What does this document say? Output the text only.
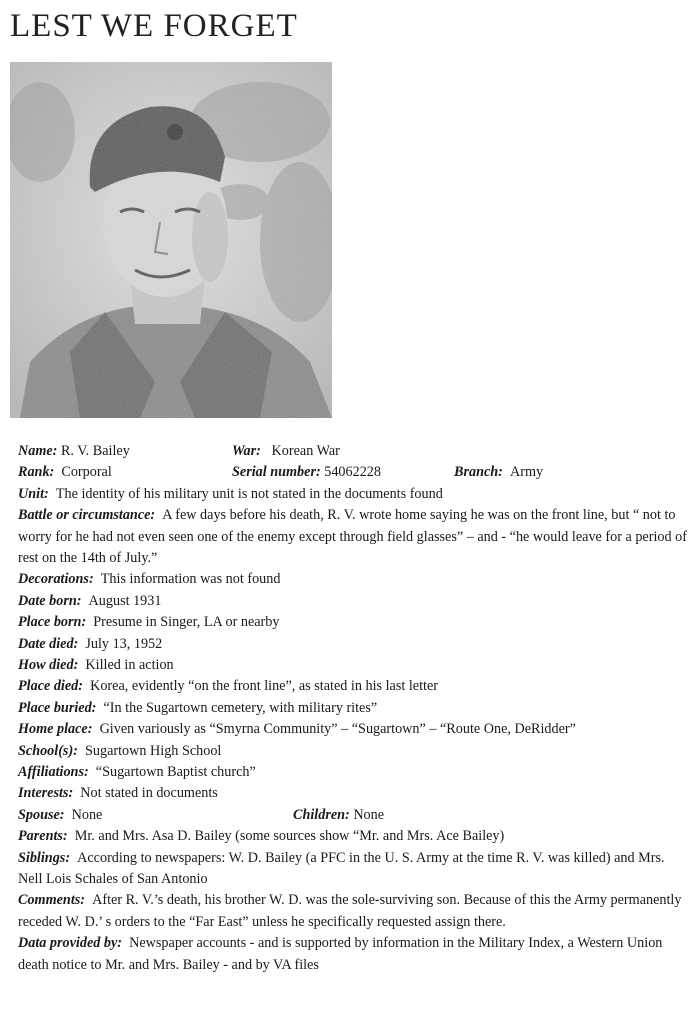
LEST WE FORGET
Name: R. V. Bailey	War: Korean War
Rank: Corporal	Serial number: 54062228	Branch: Army
Unit: The identity of his military unit is not stated in the documents found
Battle or circumstance: A few days before his death, R. V. wrote home saying he was on the front line, but “ not to worry for he had not even seen one of the enemy except through field glasses” – and - “he would leave for a period of rest on the 14th of July.”
Decorations: This information was not found
Date born: August 1931
Place born: Presume in Singer, LA or nearby
Date died: July 13, 1952
How died: Killed in action
Place died: Korea, evidently “on the front line”, as stated in his last letter
Place buried: “In the Sugartown cemetery, with military rites”
Home place: Given variously as “Smyrna Community” – “Sugartown” – “Route One, DeRidder”
School(s): Sugartown High School
Affiliations: “Sugartown Baptist church”
Interests: Not stated in documents
Spouse: None	Children: None
Parents: Mr. and Mrs. Asa D. Bailey (some sources show “Mr. and Mrs. Ace Bailey)
Siblings: According to newspapers: W. D. Bailey (a PFC in the U. S. Army at the time R. V. was killed) and Mrs. Nell Lois Schales of San Antonio
Comments: After R. V.’s death, his brother W. D. was the sole-surviving son. Because of this the Army permanently receded W. D.’ s orders to the “Far East” unless he specifically requested assign there.
Data provided by: Newspaper accounts - and is supported by information in the Military Index, a Western Union death notice to Mr. and Mrs. Bailey - and by VA files
